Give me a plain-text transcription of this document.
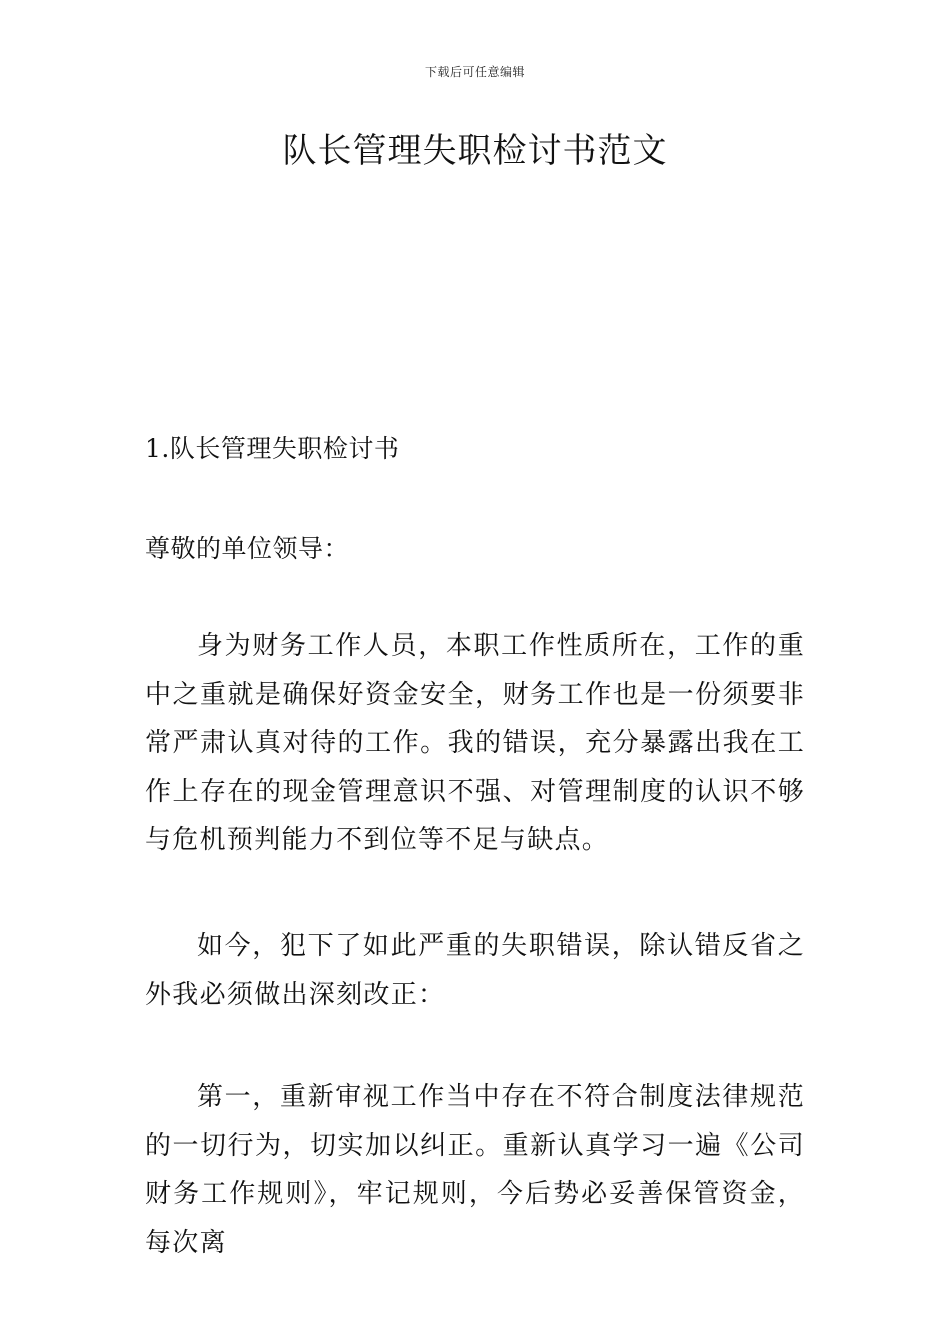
下载后可任意编辑
队长管理失职检讨书范文
1.队长管理失职检讨书
尊敬的单位领导：

身为财务工作人员，本职工作性质所在，工作的重中之重就是确保好资金安全，财务工作也是一份须要非常严肃认真对待的工作。我的错误，充分暴露出我在工作上存在的现金管理意识不强、对管理制度的认识不够与危机预判能力不到位等不足与缺点。

如今，犯下了如此严重的失职错误，除认错反省之外我必须做出深刻改正：

第一，重新审视工作当中存在不符合制度法律规范的一切行为，切实加以纠正。重新认真学习一遍《公司财务工作规则》，牢记规则，今后势必妥善保管资金，每次离
